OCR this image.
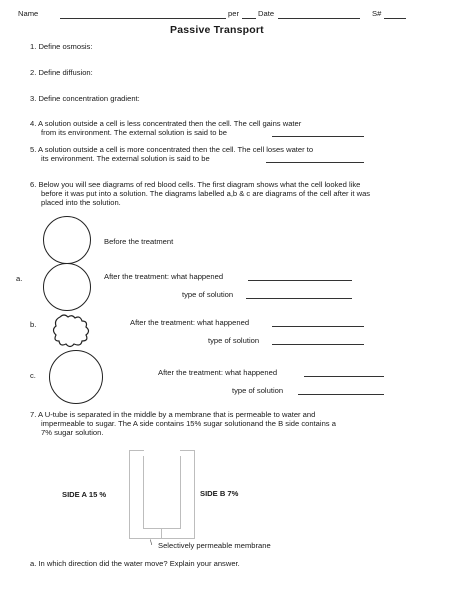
Name	per	Date	S#
Passive Transport
1. Define osmosis:
2. Define diffusion:
3. Define concentration gradient:
4. A solution outside a cell is less concentrated then the cell. The cell gains water
from its environment. The external solution is said to be
5. A solution outside a cell is more concentrated then the cell. The cell loses water to
its environment. The external solution is said to be
6. Below you will see diagrams of red blood cells. The first diagram shows what the cell looked like
before it was put into a solution. The diagrams labelled a,b & c are diagrams of the cell after it was
placed into the solution.
Before the treatment
a.	After the treatment: what happened
type of solution
b.	After the treatment: what happened
type of solution
c.	After the treatment: what happened
type of solution
7. A U-tube is separated in the middle by a membrane that is permeable to water and
impermeable to sugar. The A side contains 15% sugar solutionand the B side contains a
7% sugar solution.
SIDE A 15 %	SIDE B 7%
\ Selectively permeable membrane
a. In which direction did the water move? Explain your answer.
